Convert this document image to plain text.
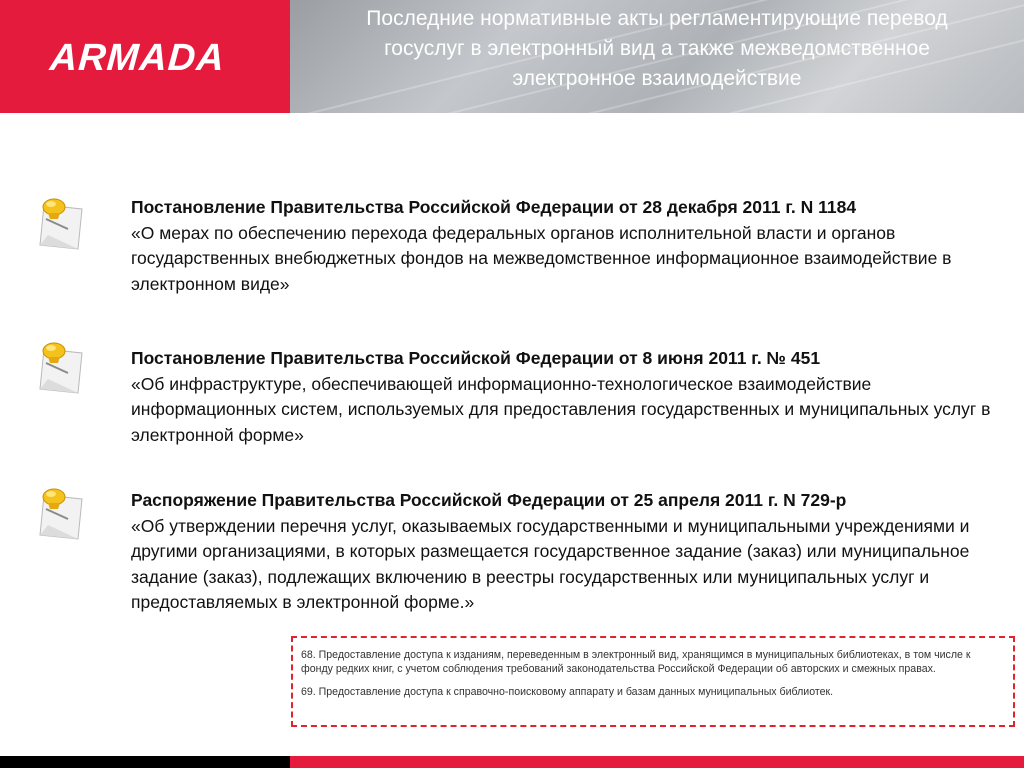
ARMADA
Последние нормативные акты регламентирующие перевод госуслуг в электронный вид а также межведомственное электронное взаимодействие
Постановление Правительства Российской Федерации от 28 декабря 2011 г. N 1184
«О мерах по обеспечению перехода федеральных органов исполнительной власти и органов государственных внебюджетных фондов на межведомственное информационное взаимодействие в электронном виде»
Постановление Правительства Российской Федерации от 8 июня 2011 г. № 451
«Об инфраструктуре, обеспечивающей информационно-технологическое взаимодействие информационных систем, используемых для предоставления государственных и муниципальных услуг в электронной форме»
Распоряжение Правительства Российской Федерации от 25 апреля 2011 г. N 729-р
«Об утверждении перечня услуг, оказываемых государственными и муниципальными учреждениями и другими организациями, в которых размещается государственное задание (заказ) или муниципальное задание (заказ), подлежащих включению в реестры государственных или муниципальных услуг и предоставляемых в электронной форме.»

68. Предоставление доступа к изданиям, переведенным в электронный вид, хранящимся в муниципальных библиотеках, в том числе к фонду редких книг, с учетом соблюдения требований законодательства Российской Федерации об авторских и смежных правах.

69. Предоставление доступа к справочно-поисковому аппарату и базам данных муниципальных библиотек.
